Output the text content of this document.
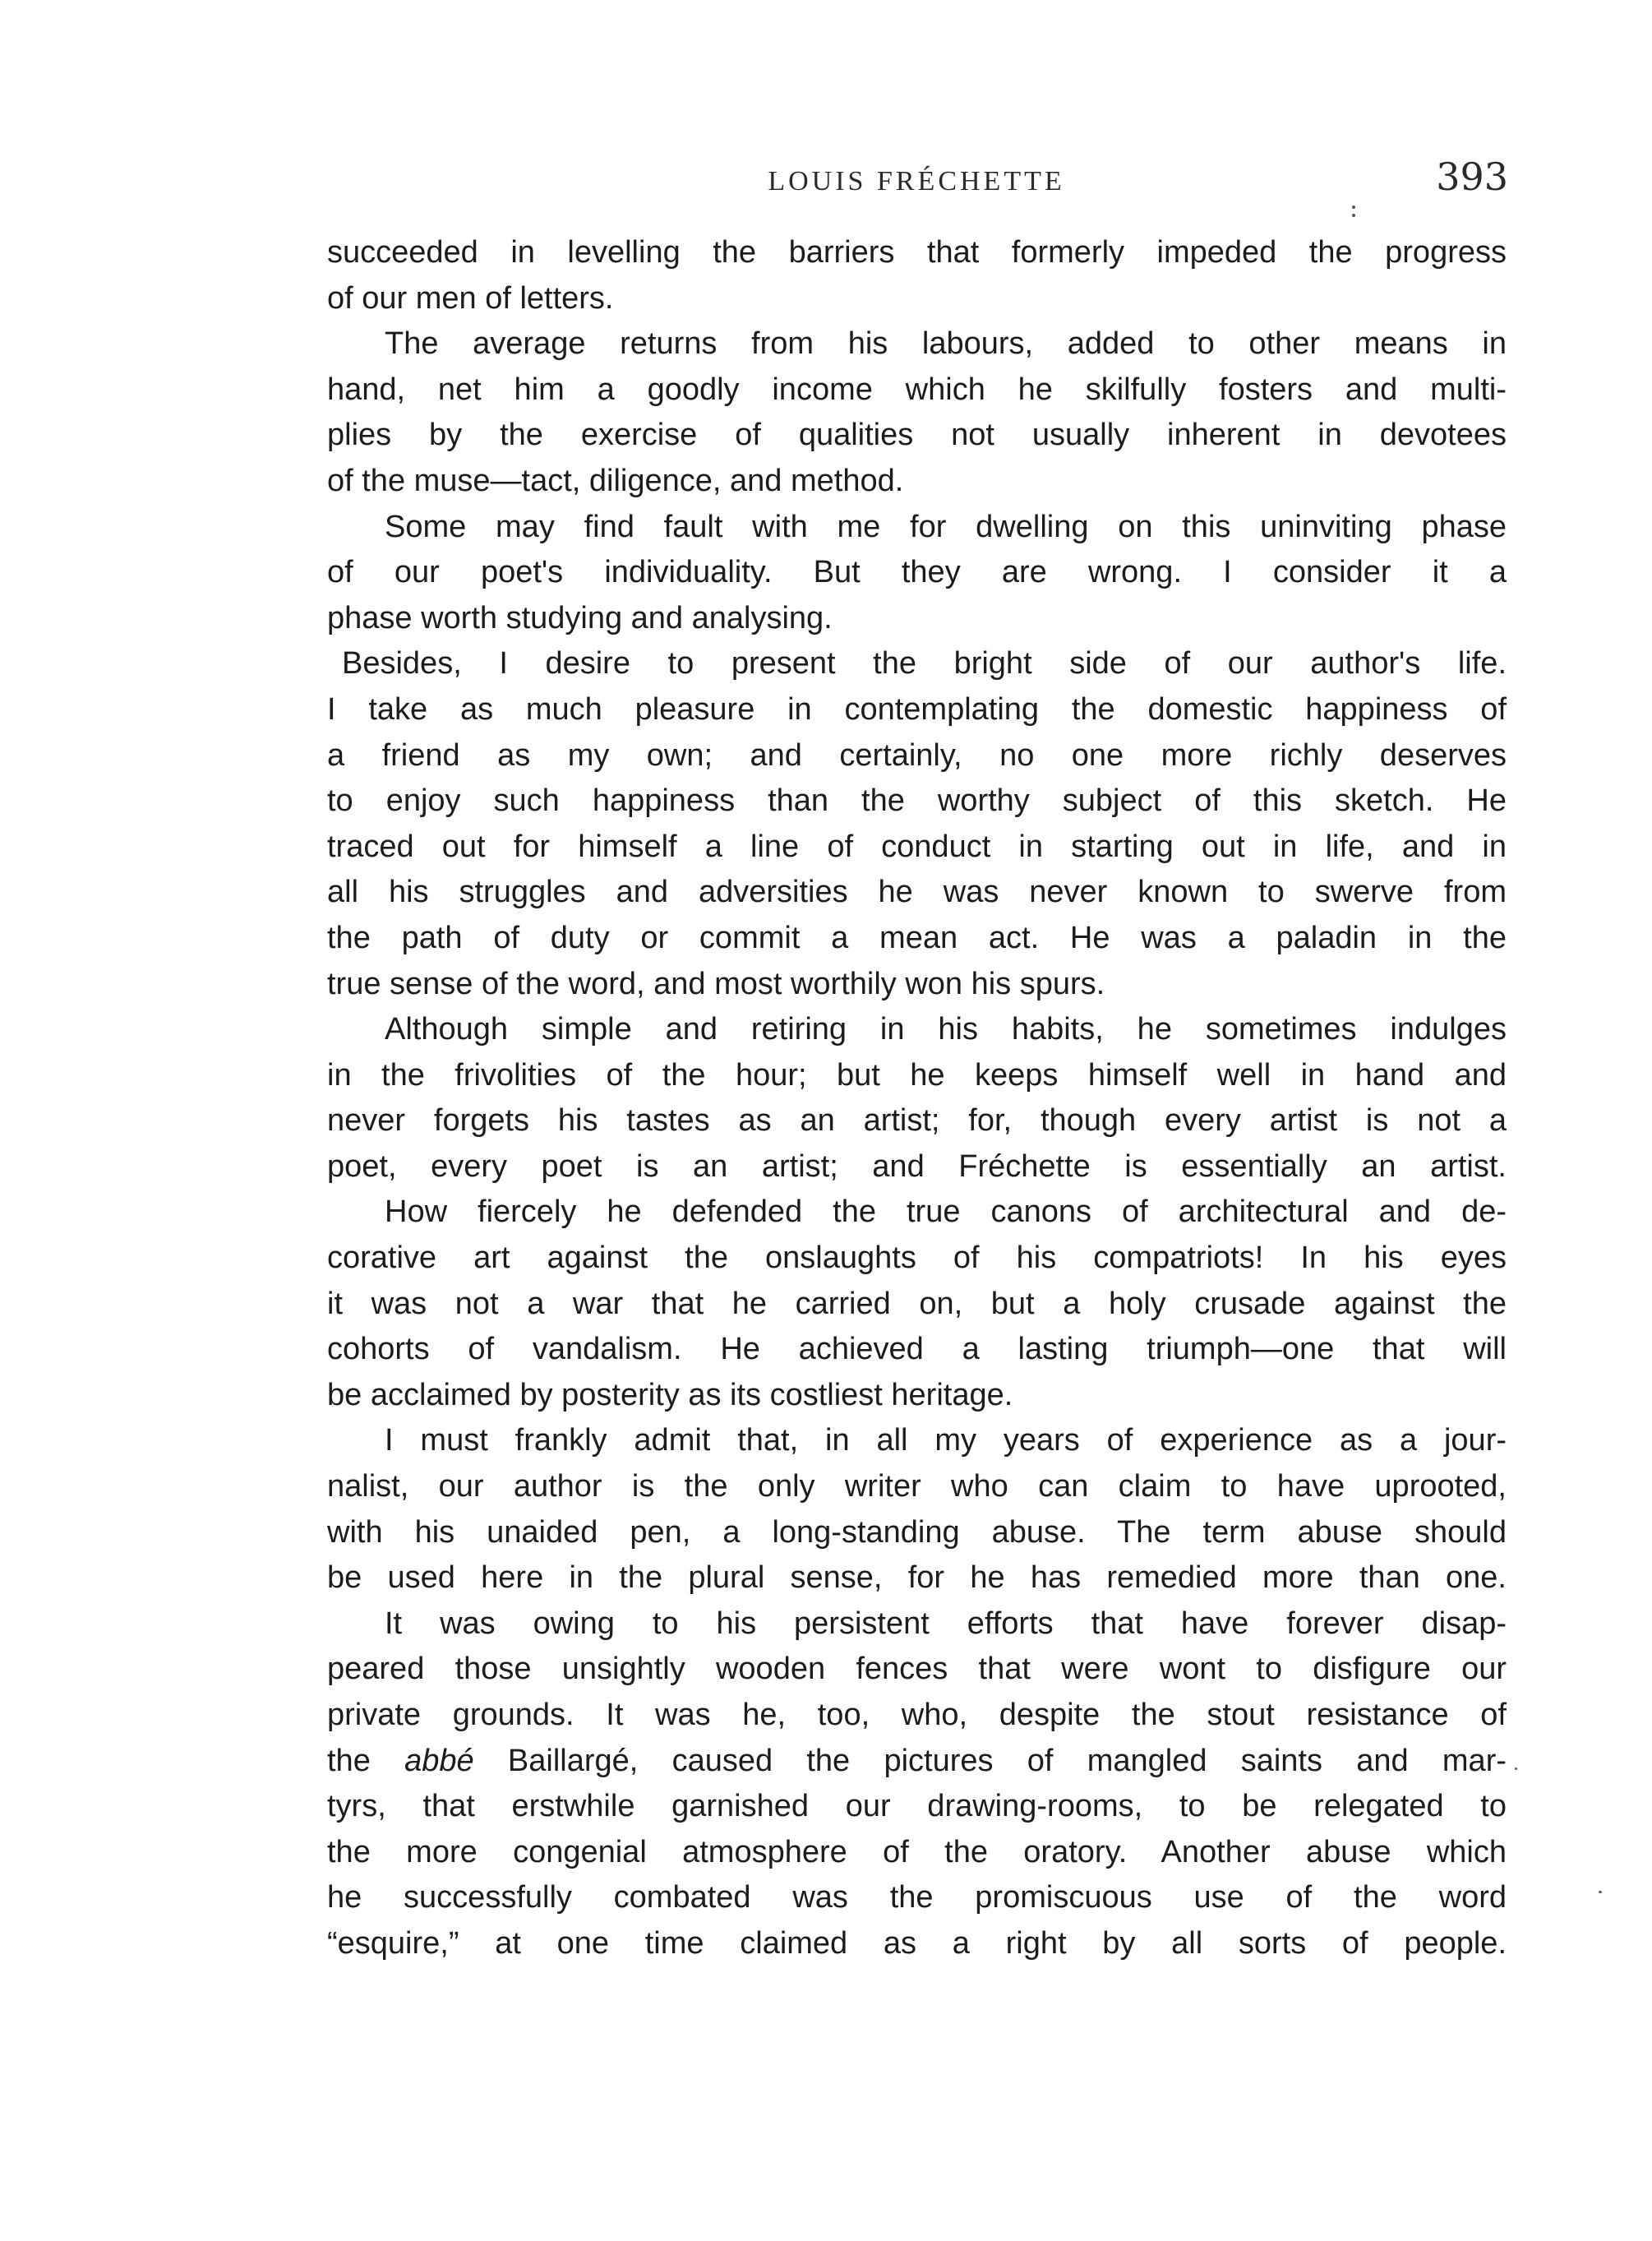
LOUIS FRÉCHETTE	393
succeeded in levelling the barriers that formerly impeded the progress
of our men of letters.
The average returns from his labours, added to other means in
hand, net him a goodly income which he skilfully fosters and multi-
plies by the exercise of qualities not usually inherent in devotees
of the muse—tact, diligence, and method.
Some may find fault with me for dwelling on this uninviting phase
of our poet's individuality. But they are wrong. I consider it a
phase worth studying and analysing.
Besides, I desire to present the bright side of our author's life.
I take as much pleasure in contemplating the domestic happiness of
a friend as my own; and certainly, no one more richly deserves
to enjoy such happiness than the worthy subject of this sketch. He
traced out for himself a line of conduct in starting out in life, and in
all his struggles and adversities he was never known to swerve from
the path of duty or commit a mean act. He was a paladin in the
true sense of the word, and most worthily won his spurs.
Although simple and retiring in his habits, he sometimes indulges
in the frivolities of the hour; but he keeps himself well in hand and
never forgets his tastes as an artist; for, though every artist is not a
poet, every poet is an artist; and Fréchette is essentially an artist.
How fiercely he defended the true canons of architectural and de-
corative art against the onslaughts of his compatriots! In his eyes
it was not a war that he carried on, but a holy crusade against the
cohorts of vandalism. He achieved a lasting triumph—one that will
be acclaimed by posterity as its costliest heritage.
I must frankly admit that, in all my years of experience as a jour-
nalist, our author is the only writer who can claim to have uprooted,
with his unaided pen, a long-standing abuse. The term abuse should
be used here in the plural sense, for he has remedied more than one.
It was owing to his persistent efforts that have forever disap-
peared those unsightly wooden fences that were wont to disfigure our
private grounds. It was he, too, who, despite the stout resistance of
the abbé Baillargé, caused the pictures of mangled saints and mar-
tyrs, that erstwhile garnished our drawing-rooms, to be relegated to
the more congenial atmosphere of the oratory. Another abuse which
he successfully combated was the promiscuous use of the word
“esquire,” at one time claimed as a right by all sorts of people.
